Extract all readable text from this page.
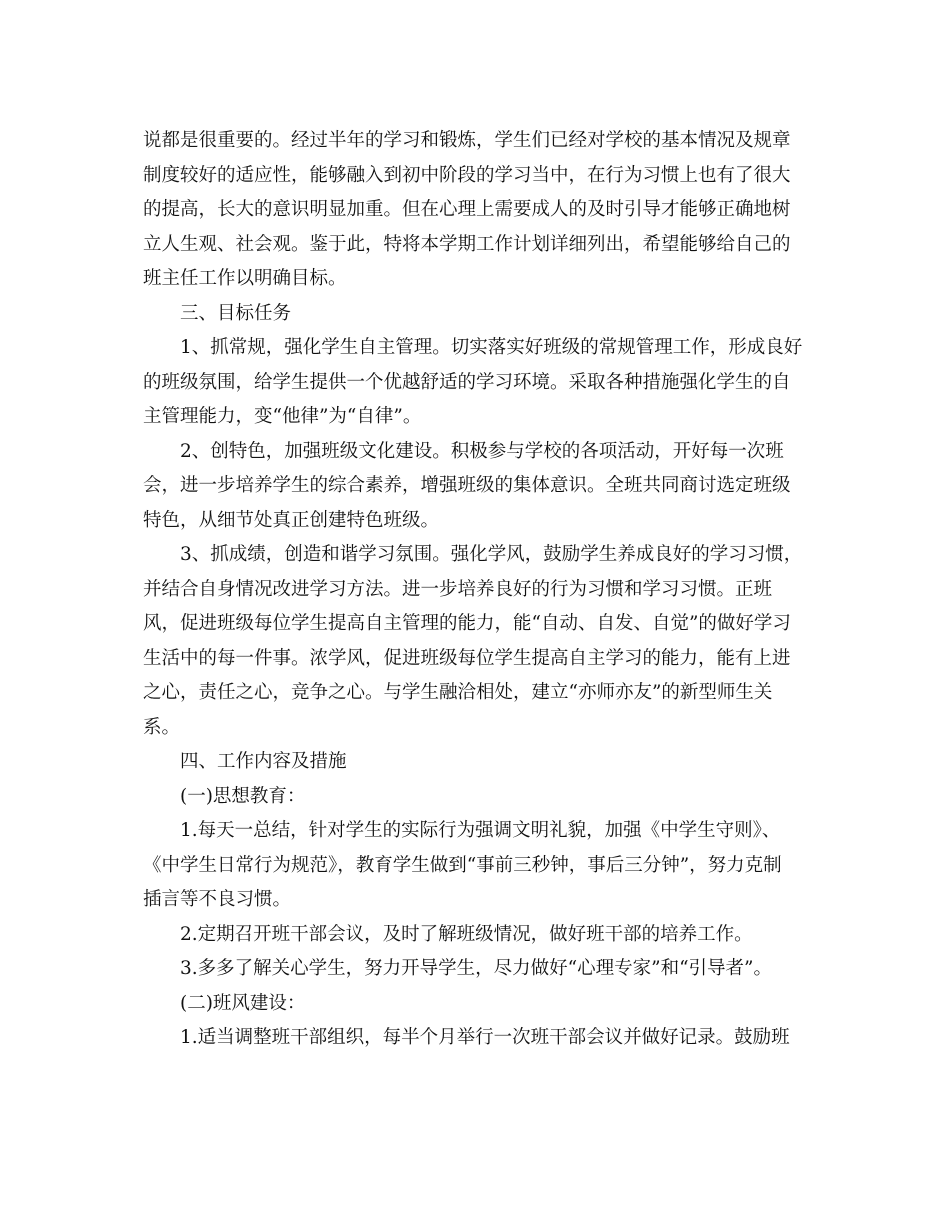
说都是很重要的。经过半年的学习和锻炼，学生们已经对学校的基本情况及规章
制度较好的适应性，能够融入到初中阶段的学习当中，在行为习惯上也有了很大
的提高，长大的意识明显加重。但在心理上需要成人的及时引导才能够正确地树
立人生观、社会观。鉴于此，特将本学期工作计划详细列出，希望能够给自己的
班主任工作以明确目标。

三、目标任务

1、抓常规，强化学生自主管理。切实落实好班级的常规管理工作，形成良好
的班级氛围，给学生提供一个优越舒适的学习环境。采取各种措施强化学生的自
主管理能力，变“他律”为“自律”。

2、创特色，加强班级文化建设。积极参与学校的各项活动，开好每一次班
会，进一步培养学生的综合素养，增强班级的集体意识。全班共同商讨选定班级
特色，从细节处真正创建特色班级。

3、抓成绩，创造和谐学习氛围。强化学风，鼓励学生养成良好的学习习惯，
并结合自身情况改进学习方法。进一步培养良好的行为习惯和学习习惯。正班
风，促进班级每位学生提高自主管理的能力，能“自动、自发、自觉”的做好学习
生活中的每一件事。浓学风，促进班级每位学生提高自主学习的能力，能有上进
之心，责任之心，竞争之心。与学生融洽相处，建立“亦师亦友”的新型师生关
系。

四、工作内容及措施

(一)思想教育：

1.每天一总结，针对学生的实际行为强调文明礼貌，加强《中学生守则》、
《中学生日常行为规范》，教育学生做到“事前三秒钟，事后三分钟”，努力克制
插言等不良习惯。

2.定期召开班干部会议，及时了解班级情况，做好班干部的培养工作。

3.多多了解关心学生，努力开导学生，尽力做好“心理专家”和“引导者”。

(二)班风建设：

1.适当调整班干部组织，每半个月举行一次班干部会议并做好记录。鼓励班
